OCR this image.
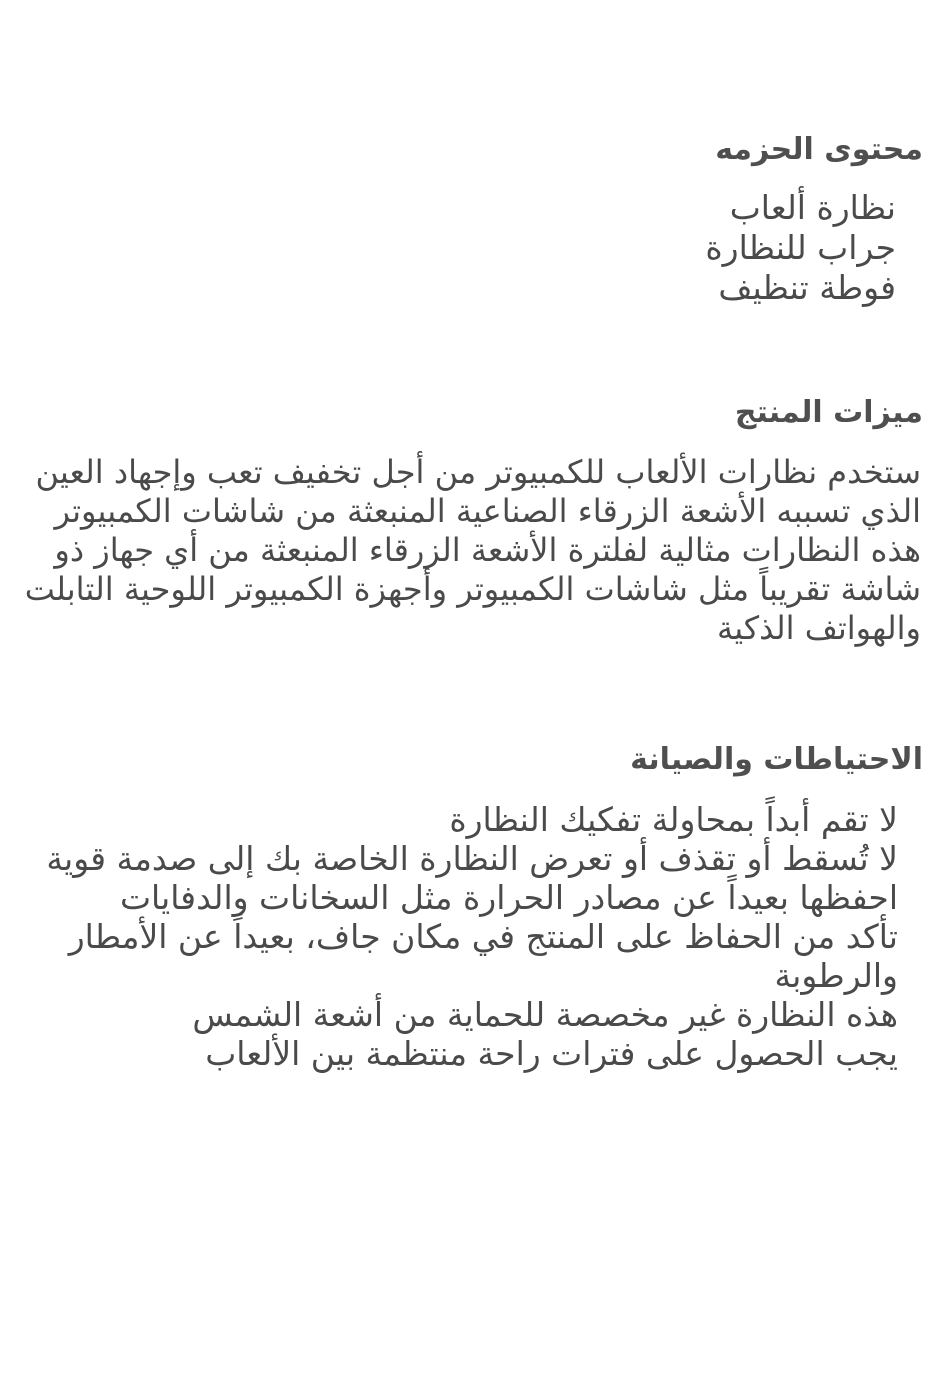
محتوى الحزمه
نظارة ألعاب
جراب للنظارة
فوطة تنظيف
ميزات المنتج

ستخدم نظارات الألعاب للكمبيوتر من أجل تخفيف تعب وإجهاد العين الذي تسببه الأشعة الزرقاء الصناعية المنبعثة من شاشات الكمبيوتر هذه النظارات مثالية لفلترة الأشعة الزرقاء المنبعثة من أي جهاز ذو شاشة تقريباً مثل شاشات الكمبيوتر وأجهزة الكمبيوتر اللوحية التابلت والهواتف الذكية

الاحتياطات والصيانة
لا تقم أبداً بمحاولة تفكيك النظارة
لا تُسقط أو تقذف أو تعرض النظارة الخاصة بك إلى صدمة قوية
احفظها بعيداً عن مصادر الحرارة مثل السخانات والدفايات
تأكد من الحفاظ على المنتج في مكان جاف، بعيداً عن الأمطار والرطوبة
هذه النظارة غير مخصصة للحماية من أشعة الشمس
يجب الحصول على فترات راحة منتظمة بين الألعاب
